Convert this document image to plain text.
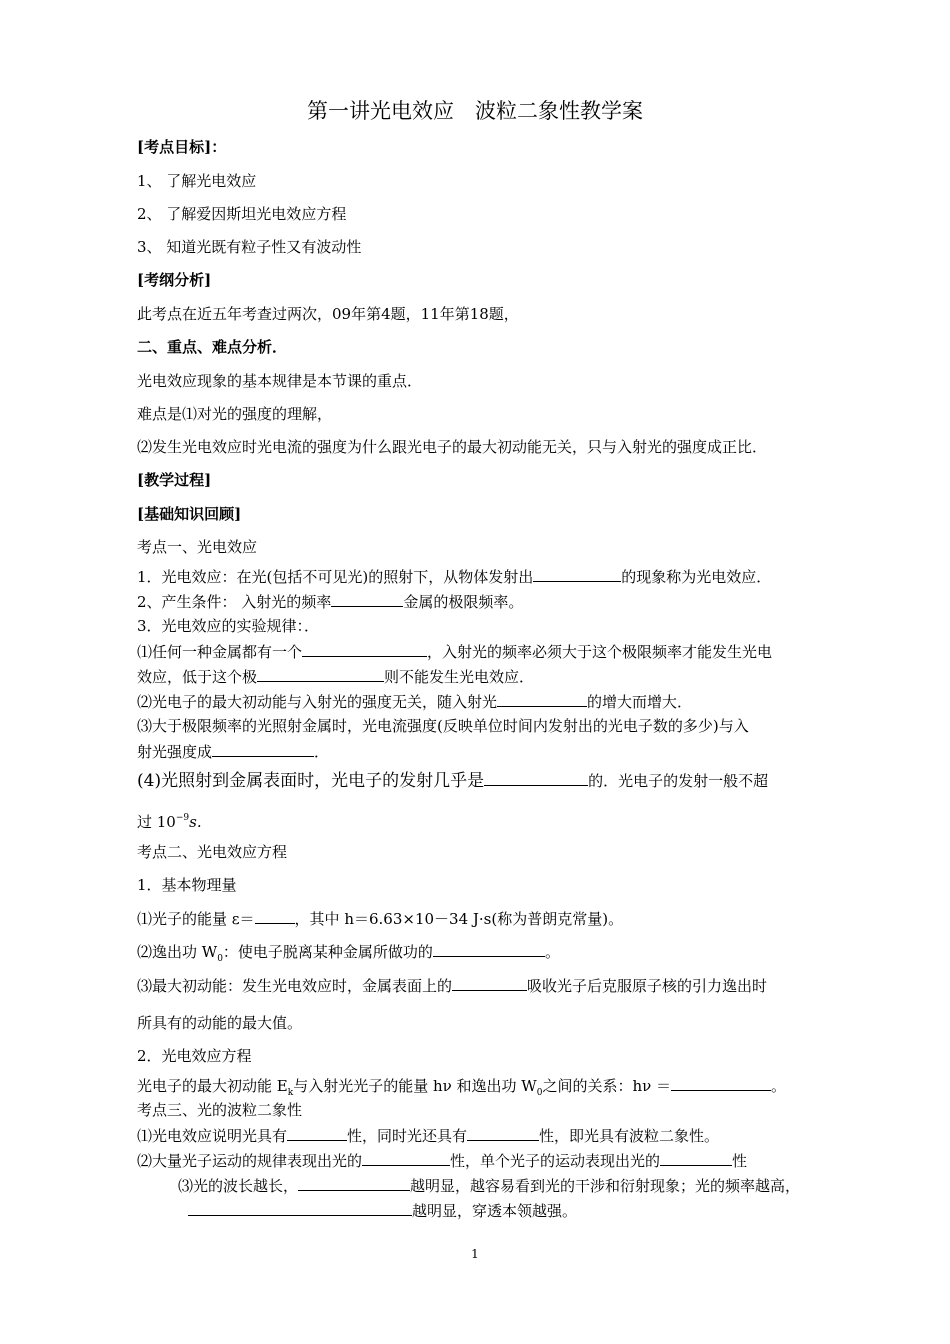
第一讲光电效应　波粒二象性教学案
[考点目标]：
1、 了解光电效应
2、 了解爱因斯坦光电效应方程
3、 知道光既有粒子性又有波动性
[考纲分析]
此考点在近五年考查过两次，09年第4题，11年第18题，
二、重点、难点分析．
光电效应现象的基本规律是本节课的重点．
难点是⑴对光的强度的理解，
⑵发生光电效应时光电流的强度为什么跟光电子的最大初动能无关，只与入射光的强度成正比．
[教学过程]
[基础知识回顾]
考点一、光电效应
1．光电效应：在光(包括不可见光)的照射下，从物体发射出	的现象称为光电效应．
2、产生条件： 入射光的频率	金属的极限频率。
3．光电效应的实验规律：．
⑴任何一种金属都有一个	，入射光的频率必须大于这个极限频率才能发生光电
效应，低于这个极	则不能发生光电效应．
⑵光电子的最大初动能与入射光的强度无关，随入射光	的增大而增大．
⑶大于极限频率的光照射金属时，光电流强度(反映单位时间内发射出的光电子数的多少)与入
射光强度成	．
(4)光照射到金属表面时，光电子的发射几乎是	的．光电子的发射一般不超
过 $10^{-9}s$.
考点二、光电效应方程
1．基本物理量
⑴光子的能量 ε＝	，其中 h＝6.63×10－34 J·s(称为普朗克常量)。
⑵逸出功 $W_0$：使电子脱离某种金属所做功的	。
⑶最大初动能：发生光电效应时，金属表面上的	吸收光子后克服原子核的引力逸出时
所具有的动能的最大值。
2．光电效应方程
光电子的最大初动能 $E_k$与入射光光子的能量 hν 和逸出功 $W_0$之间的关系：hν ＝	。
考点三、光的波粒二象性
⑴光电效应说明光具有	性，同时光还具有	性，即光具有波粒二象性。
⑵大量光子运动的规律表现出光的	性，单个光子的运动表现出光的	性
⑶光的波长越长，	越明显，越容易看到光的干涉和衍射现象；光的频率越高，
越明显，穿透本领越强。
1
